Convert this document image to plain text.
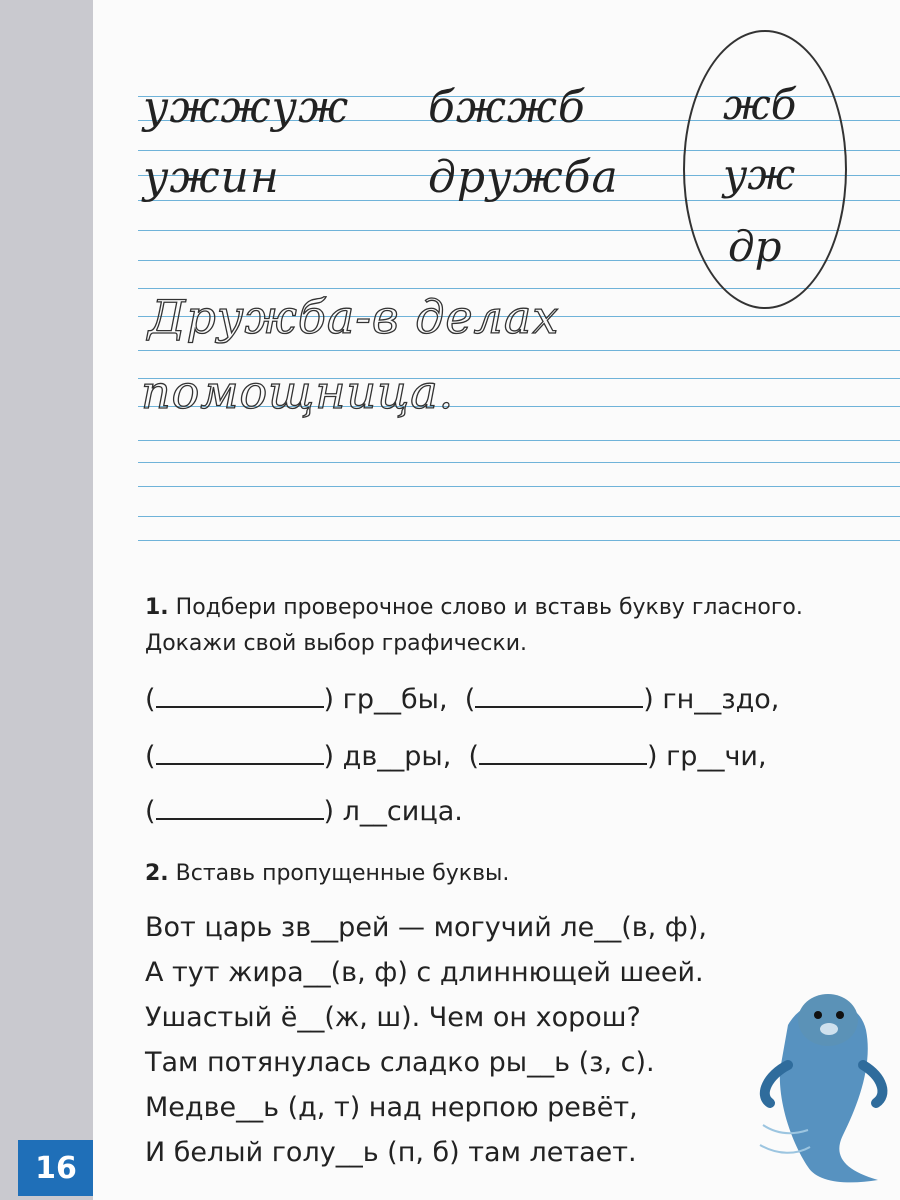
16
ужжуж бжжб
ужин	дружба
жб
уж
др
Дружба-в делах
помощница.
1. Подбери проверочное слово и вставь букву гласного. Докажи свой выбор графически.
(	) гр__бы,  (	) гн__здо,
(	) дв__ры,  (	) гр__чи,
(	) л__сица.
2. Вставь пропущенные буквы.
Вот царь зв__рей — могучий ле__(в, ф),
А тут жира__(в, ф) с длиннющей шеей.
Ушастый ё__(ж, ш). Чем он хорош?
Там потянулась сладко ры__ь (з, с).
Медве__ь (д, т) над нерпою ревёт,
И белый голу__ь (п, б) там летает.
